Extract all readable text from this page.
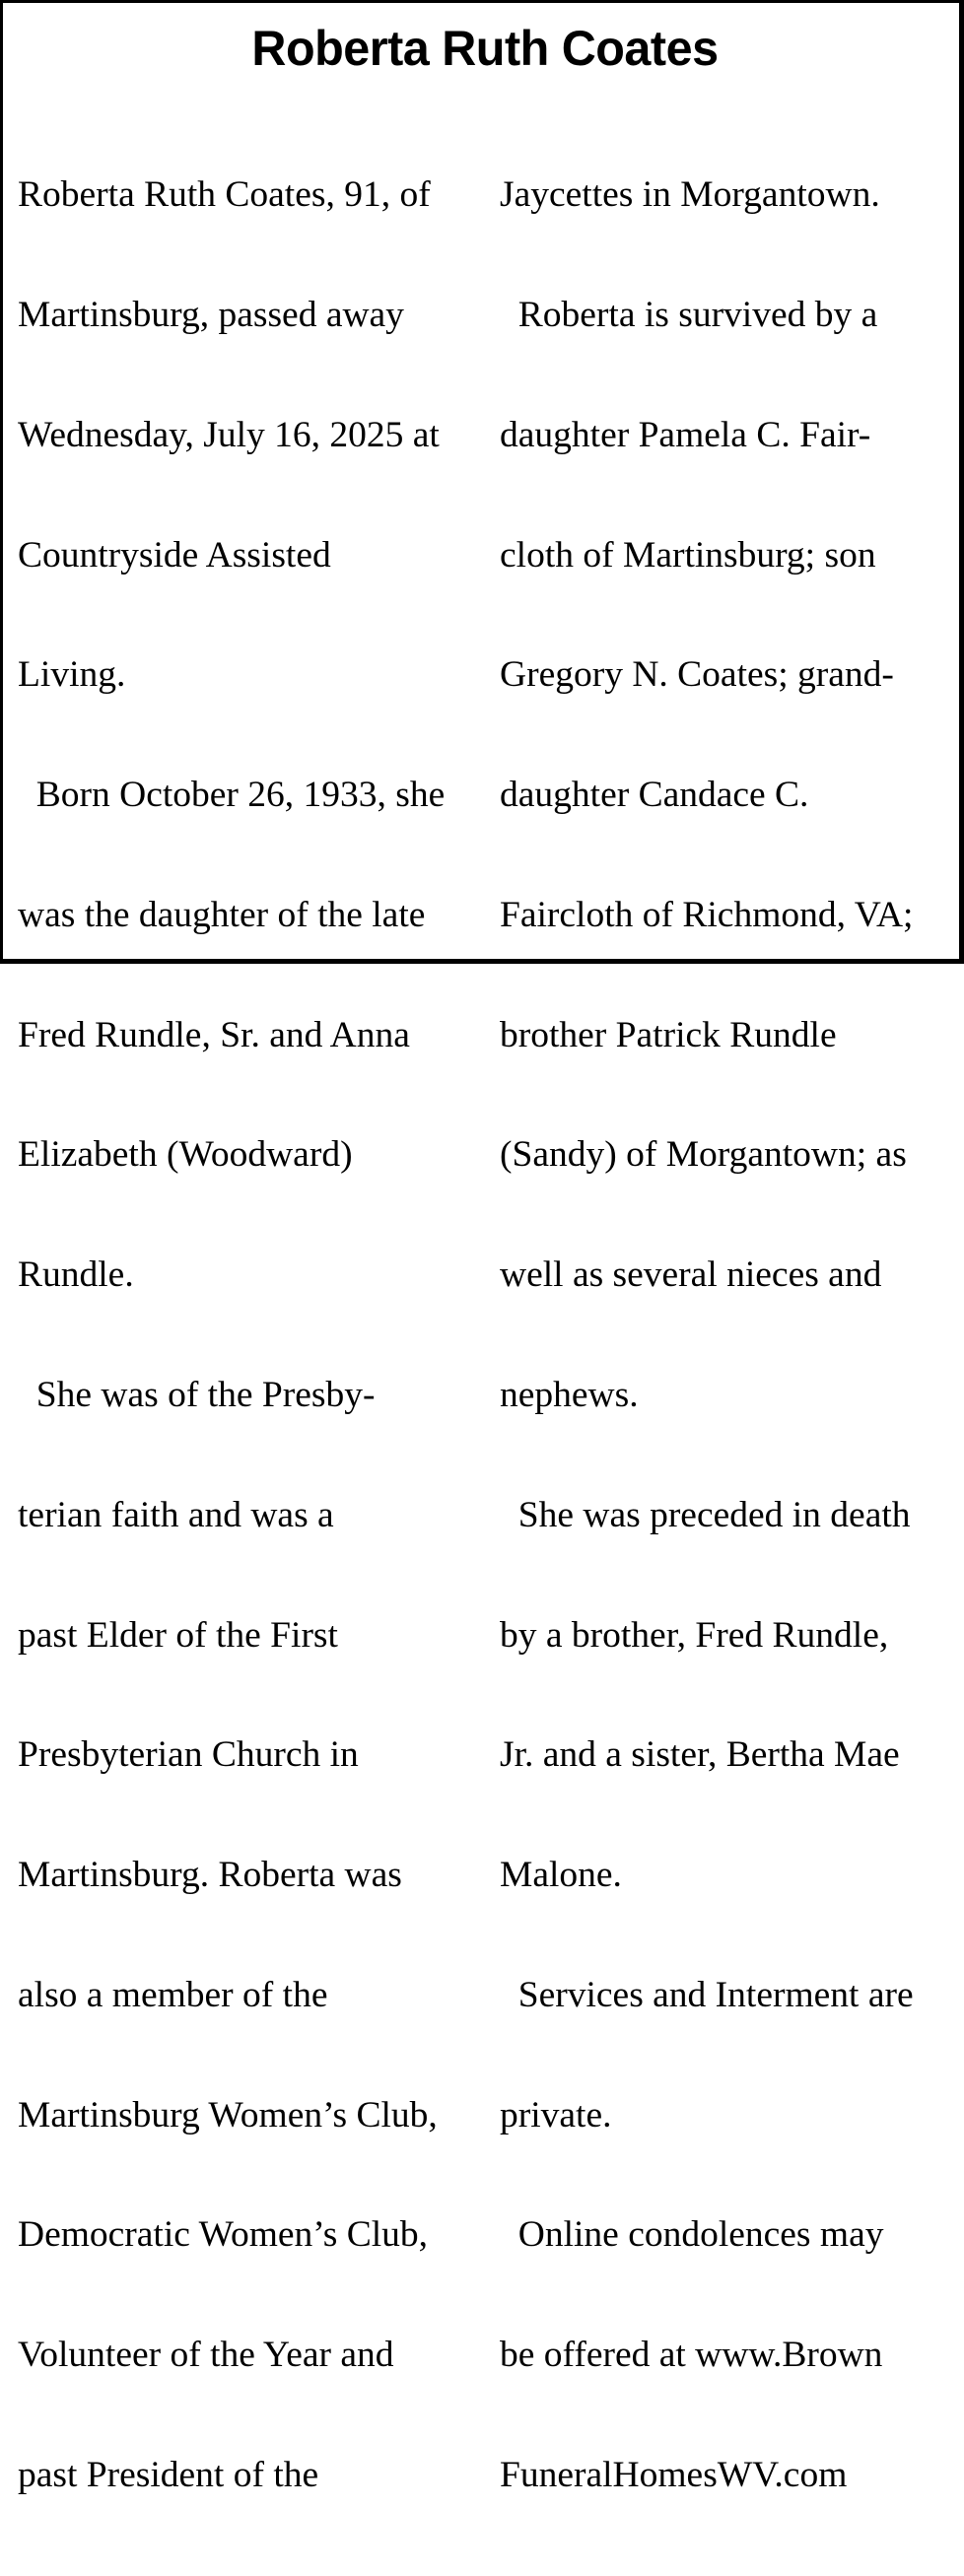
Roberta Ruth Coates

Roberta Ruth Coates, 91, of

Martinsburg, passed away

Wednesday, July 16, 2025 at

Countryside Assisted

Living.

Born October 26, 1933, she

was the daughter of the late

Fred Rundle, Sr. and Anna

Elizabeth (Woodward)

Rundle.

She was of the Presby-

terian faith and was a

past Elder of the First

Presbyterian Church in

Martinsburg. Roberta was

also a member of the

Martinsburg Women’s Club,

Democratic Women’s Club,

Volunteer of the Year and

past President of the

Jaycettes in Morgantown.

Roberta is survived by a

daughter Pamela C. Fair-

cloth of Martinsburg; son

Gregory N. Coates; grand-

daughter Candace C.

Faircloth of Richmond, VA;

brother Patrick Rundle

(Sandy) of Morgantown; as

well as several nieces and

nephews.

She was preceded in death

by a brother, Fred Rundle,

Jr. and a sister, Bertha Mae

Malone.

Services and Interment are

private.

Online condolences may

be offered at www.Brown

FuneralHomesWV.com
